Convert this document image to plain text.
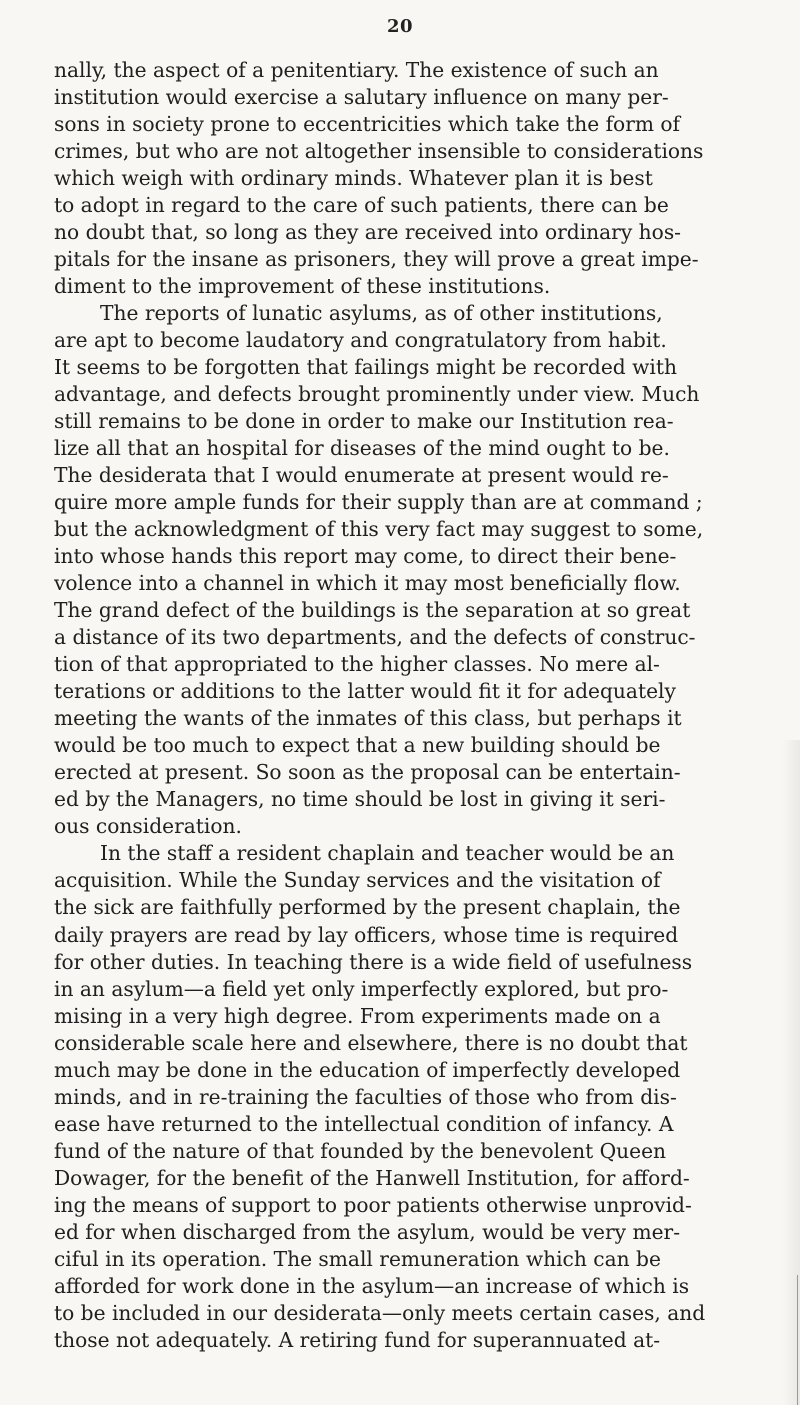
20
nally, the aspect of a penitentiary. The existence of such an
institution would exercise a salutary influence on many per-
sons in society prone to eccentricities which take the form of
crimes, but who are not altogether insensible to considerations
which weigh with ordinary minds. Whatever plan it is best
to adopt in regard to the care of such patients, there can be
no doubt that, so long as they are received into ordinary hos-
pitals for the insane as prisoners, they will prove a great impe-
diment to the improvement of these institutions.
The reports of lunatic asylums, as of other institutions,
are apt to become laudatory and congratulatory from habit.
It seems to be forgotten that failings might be recorded with
advantage, and defects brought prominently under view. Much
still remains to be done in order to make our Institution rea-
lize all that an hospital for diseases of the mind ought to be.
The desiderata that I would enumerate at present would re-
quire more ample funds for their supply than are at command ;
but the acknowledgment of this very fact may suggest to some,
into whose hands this report may come, to direct their bene-
volence into a channel in which it may most beneficially flow.
The grand defect of the buildings is the separation at so great
a distance of its two departments, and the defects of construc-
tion of that appropriated to the higher classes. No mere al-
terations or additions to the latter would fit it for adequately
meeting the wants of the inmates of this class, but perhaps it
would be too much to expect that a new building should be
erected at present. So soon as the proposal can be entertain-
ed by the Managers, no time should be lost in giving it seri-
ous consideration.
In the staff a resident chaplain and teacher would be an
acquisition. While the Sunday services and the visitation of
the sick are faithfully performed by the present chaplain, the
daily prayers are read by lay officers, whose time is required
for other duties. In teaching there is a wide field of usefulness
in an asylum—a field yet only imperfectly explored, but pro-
mising in a very high degree. From experiments made on a
considerable scale here and elsewhere, there is no doubt that
much may be done in the education of imperfectly developed
minds, and in re-training the faculties of those who from dis-
ease have returned to the intellectual condition of infancy. A
fund of the nature of that founded by the benevolent Queen
Dowager, for the benefit of the Hanwell Institution, for afford-
ing the means of support to poor patients otherwise unprovid-
ed for when discharged from the asylum, would be very mer-
ciful in its operation. The small remuneration which can be
afforded for work done in the asylum—an increase of which is
to be included in our desiderata—only meets certain cases, and
those not adequately. A retiring fund for superannuated at-
